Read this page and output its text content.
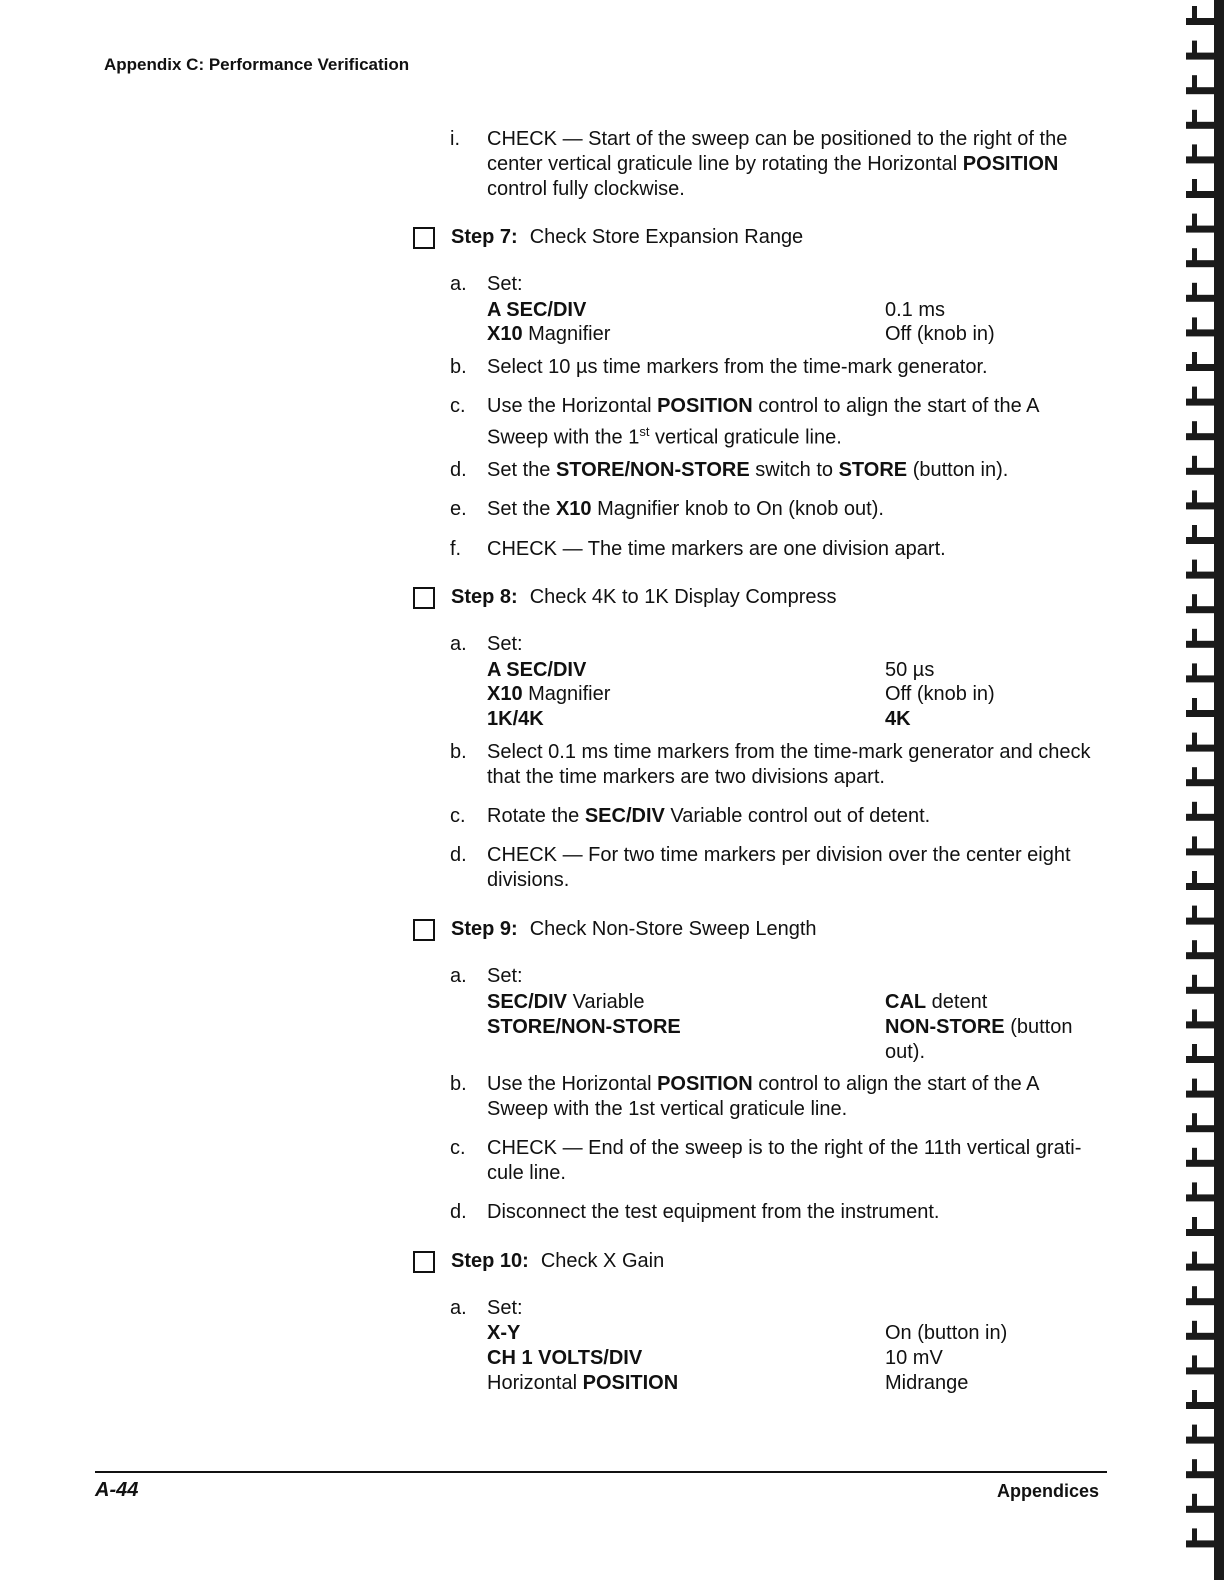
Appendix C: Performance Verification
i. CHECK — Start of the sweep can be positioned to the right of the center vertical graticule line by rotating the Horizontal POSITION control fully clockwise.
Step 7: Check Store Expansion Range
a. Set:
A SEC/DIV	0.1 ms
X10 Magnifier	Off (knob in)
b. Select 10 µs time markers from the time-mark generator.
c. Use the Horizontal POSITION control to align the start of the A Sweep with the 1st vertical graticule line.
d. Set the STORE/NON-STORE switch to STORE (button in).
e. Set the X10 Magnifier knob to On (knob out).
f. CHECK — The time markers are one division apart.
Step 8: Check 4K to 1K Display Compress
a. Set:
A SEC/DIV	50 µs
X10 Magnifier	Off (knob in)
1K/4K	4K
b. Select 0.1 ms time markers from the time-mark generator and check that the time markers are two divisions apart.
c. Rotate the SEC/DIV Variable control out of detent.
d. CHECK — For two time markers per division over the center eight divisions.
Step 9: Check Non-Store Sweep Length
a. Set:
SEC/DIV Variable	CAL detent
STORE/NON-STORE	NON-STORE (button out).
b. Use the Horizontal POSITION control to align the start of the A Sweep with the 1st vertical graticule line.
c. CHECK — End of the sweep is to the right of the 11th vertical grati-cule line.
d. Disconnect the test equipment from the instrument.
Step 10: Check X Gain
a. Set:
X-Y	On (button in)
CH 1 VOLTS/DIV	10 mV
Horizontal POSITION	Midrange
A-44	Appendices
